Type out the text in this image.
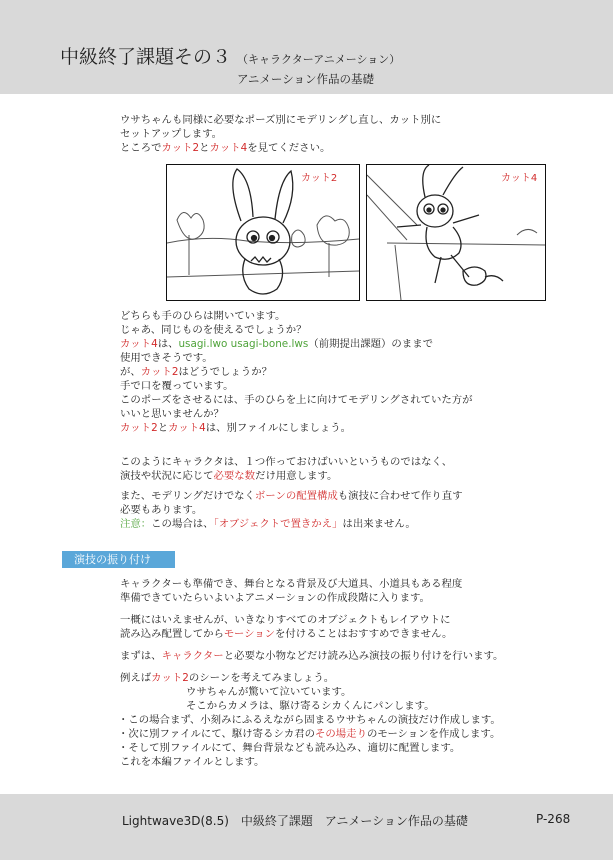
中級終了課題その３ （キャラクターアニメーション）
アニメーション作品の基礎
ウサちゃんも同様に必要なポーズ別にモデリングし直し、カット別に
セットアップします。
ところでカット2とカット4を見てください。
カット2	カット4
どちらも手のひらは開いています。
じゃあ、同じものを使えるでしょうか？
カット4は、usagi.lwo usagi-bone.lws（前期提出課題）のままで
使用できそうです。
が、カット2はどうでしょうか？
手で口を覆っています。
このポーズをさせるには、手のひらを上に向けてモデリングされていた方が
いいと思いませんか？
カット2とカット4は、別ファイルにしましょう。
このようにキャラクタは、１つ作っておけばいいというものではなく、
演技や状況に応じて必要な数だけ用意します。
また、モデリングだけでなくボーンの配置構成も演技に合わせて作り直す
必要もあります。
注意：この場合は、「オブジェクトで置きかえ」は出来ません。
演技の振り付け
キャラクターも準備でき、舞台となる背景及び大道具、小道具もある程度
準備できていたらいよいよアニメーションの作成段階に入ります。
一概にはいえませんが、いきなりすべてのオブジェクトもレイアウトに
読み込み配置してからモーションを付けることはおすすめできません。
まずは、キャラクターと必要な小物などだけ読み込み演技の振り付けを行います。
例えばカット2のシーンを考えてみましょう。
ウサちゃんが驚いて泣いています。
そこからカメラは、駆け寄るシカくんにパンします。
・この場合まず、小刻みにふるえながら固まるウサちゃんの演技だけ作成します。
・次に別ファイルにて、駆け寄るシカ君のその場走りのモーションを作成します。
・そして別ファイルにて、舞台背景なども読み込み、適切に配置します。
これを本編ファイルとします。
Lightwave3D(8.5)　中級終了課題　アニメーション作品の基礎	P-268
